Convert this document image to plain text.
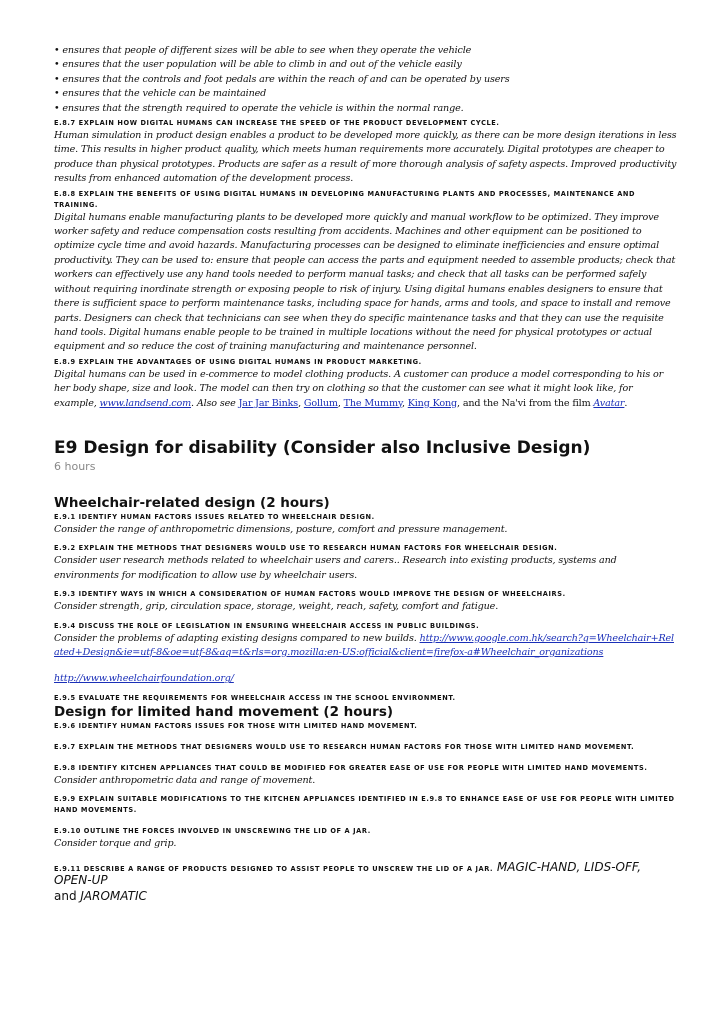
• ensures that people of different sizes will be able to see when they operate the vehicle

• ensures that the user population will be able to climb in and out of the vehicle easily

• ensures that the controls and foot pedals are within the reach of and can be operated by users

• ensures that the vehicle can be maintained

• ensures that the strength required to operate the vehicle is within the normal range.

E.8.7 EXPLAIN HOW DIGITAL HUMANS CAN INCREASE THE SPEED OF THE PRODUCT DEVELOPMENT CYCLE.

Human simulation in product design enables a product to be developed more quickly, as there can be more design iterations in less time. This results in higher product quality, which meets human requirements more accurately. Digital prototypes are cheaper to produce than physical prototypes. Products are safer as a result of more thorough analysis of safety aspects. Improved productivity results from enhanced automation of the development process.

E.8.8 EXPLAIN THE BENEFITS OF USING DIGITAL HUMANS IN DEVELOPING MANUFACTURING PLANTS AND PROCESSES, MAINTENANCE AND TRAINING.

Digital humans enable manufacturing plants to be developed more quickly and manual workflow to be optimized. They improve worker safety and reduce compensation costs resulting from accidents. Machines and other equipment can be positioned to optimize cycle time and avoid hazards. Manufacturing processes can be designed to eliminate inefficiencies and ensure optimal productivity. They can be used to: ensure that people can access the parts and equipment needed to assemble products; check that workers can effectively use any hand tools needed to perform manual tasks; and check that all tasks can be performed safely without requiring inordinate strength or exposing people to risk of injury. Using digital humans enables designers to ensure that there is sufficient space to perform maintenance tasks, including space for hands, arms and tools, and space to install and remove parts. Designers can check that technicians can see when they do specific maintenance tasks and that they can use the requisite hand tools. Digital humans enable people to be trained in multiple locations without the need for physical prototypes or actual equipment and so reduce the cost of training manufacturing and maintenance personnel.

E.8.9 EXPLAIN THE ADVANTAGES OF USING DIGITAL HUMANS IN PRODUCT MARKETING.

Digital humans can be used in e-commerce to model clothing products. A customer can produce a model corresponding to his or her body shape, size and look. The model can then try on clothing so that the customer can see what it might look like, for example, www.landsend.com. Also see Jar Jar Binks, Gollum, The Mummy, King Kong, and the Na'vi from the film Avatar.

E9 Design for disability (Consider also Inclusive Design)

6 hours

Wheelchair-related design (2 hours)

E.9.1 IDENTIFY HUMAN FACTORS ISSUES RELATED TO WHEELCHAIR DESIGN.

Consider the range of anthropometric dimensions, posture, comfort and pressure management.

E.9.2 EXPLAIN THE METHODS THAT DESIGNERS WOULD USE TO RESEARCH HUMAN FACTORS FOR WHEELCHAIR DESIGN.

Consider user research methods related to wheelchair users and carers.. Research into existing products, systems and environments for modification to allow use by wheelchair users.

E.9.3 IDENTIFY WAYS IN WHICH A CONSIDERATION OF HUMAN FACTORS WOULD IMPROVE THE DESIGN OF WHEELCHAIRS.

Consider strength, grip, circulation space, storage, weight, reach, safety, comfort and fatigue.

E.9.4 DISCUSS THE ROLE OF LEGISLATION IN ENSURING WHEELCHAIR ACCESS IN PUBLIC BUILDINGS.

Consider the problems of adapting existing designs compared to new builds. http://www.google.com.hk/search?q=Wheelchair+Related+Design&ie=utf-8&oe=utf-8&aq=t&rls=org.mozilla:en-US:official&client=firefox-a#Wheelchair_organizations

http://www.wheelchairfoundation.org/

E.9.5 EVALUATE THE REQUIREMENTS FOR WHEELCHAIR ACCESS IN THE SCHOOL ENVIRONMENT.

Design for limited hand movement (2 hours)

E.9.6 IDENTIFY HUMAN FACTORS ISSUES FOR THOSE WITH LIMITED HAND MOVEMENT.

E.9.7 EXPLAIN THE METHODS THAT DESIGNERS WOULD USE TO RESEARCH HUMAN FACTORS FOR THOSE WITH LIMITED HAND MOVEMENT.

E.9.8 IDENTIFY KITCHEN APPLIANCES THAT COULD BE MODIFIED FOR GREATER EASE OF USE FOR PEOPLE WITH LIMITED HAND MOVEMENTS.

Consider anthropometric data and range of movement.

E.9.9 EXPLAIN SUITABLE MODIFICATIONS TO THE KITCHEN APPLIANCES IDENTIFIED IN E.9.8 TO ENHANCE EASE OF USE FOR PEOPLE WITH LIMITED HAND MOVEMENTS.

E.9.10 OUTLINE THE FORCES INVOLVED IN UNSCREWING THE LID OF A JAR.

Consider torque and grip.

E.9.11 DESCRIBE A RANGE OF PRODUCTS DESIGNED TO ASSIST PEOPLE TO UNSCREW THE LID OF A JAR. MAGIC-HAND, LIDS-OFF, OPEN-UP

and JAROMATIC
